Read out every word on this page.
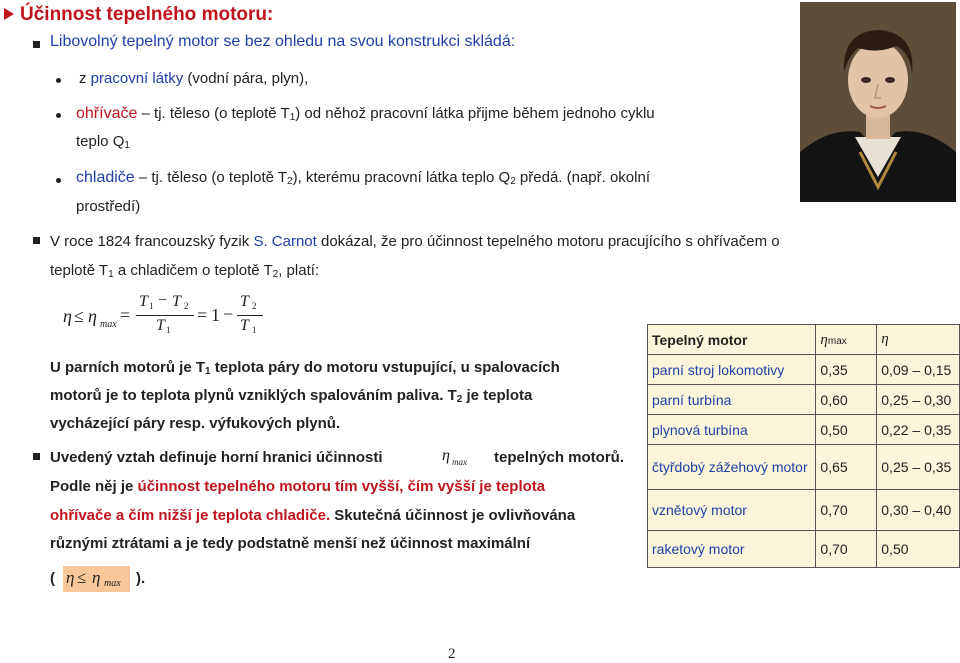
Účinnost tepelného motoru:
Libovolný tepelný motor se bez ohledu na svou konstrukci skládá:
z pracovní látky (vodní pára, plyn),
ohřívače – tj. těleso (o teplotě $T_1$) od něhož pracovní látka přijme během jednoho cyklu
teplo $Q_1$
chladiče – tj. těleso (o teplotě $T_2$), kterému pracovní látka teplo $Q_2$ předá. (např. okolní
prostředí)
V roce 1824 francouzský fyzik S. Carnot dokázal, že pro účinnost tepelného motoru pracujícího s ohřívačem o
teplotě $T_1$ a chladičem o teplotě $T_2$, platí:
η ≤ η max =
T 1 − T 2
T 1
= 1 −
T 2
T 1
U parních motorů je $T_1$ teplota páry do motoru vstupující, u spalovacích
motorů je to teplota plynů vzniklých spalováním paliva. $T_2$ je teplota
vycházející páry resp. výfukových plynů.
Uvedený vztah definuje horní hranici účinnosti	η max tepelných motorů.
Podle něj je účinnost tepelného motoru tím vyšší, čím vyšší je teplota
ohřívače a čím nižší je teplota chladiče. Skutečná účinnost je ovlivňována
různými ztrátami a je tedy podstatně menší než účinnost maximální
( η ≤ η max ).
Tepelný motor	ηmax	η
parní stroj lokomotivy	0,35	0,09 – 0,15
parní turbína	0,60	0,25 – 0,30
plynová turbína	0,50	0,22 – 0,35
čtyřdobý zážehový motor	0,65	0,25 – 0,35
vznětový motor	0,70	0,30 – 0,40
raketový motor	0,70	0,50
2
